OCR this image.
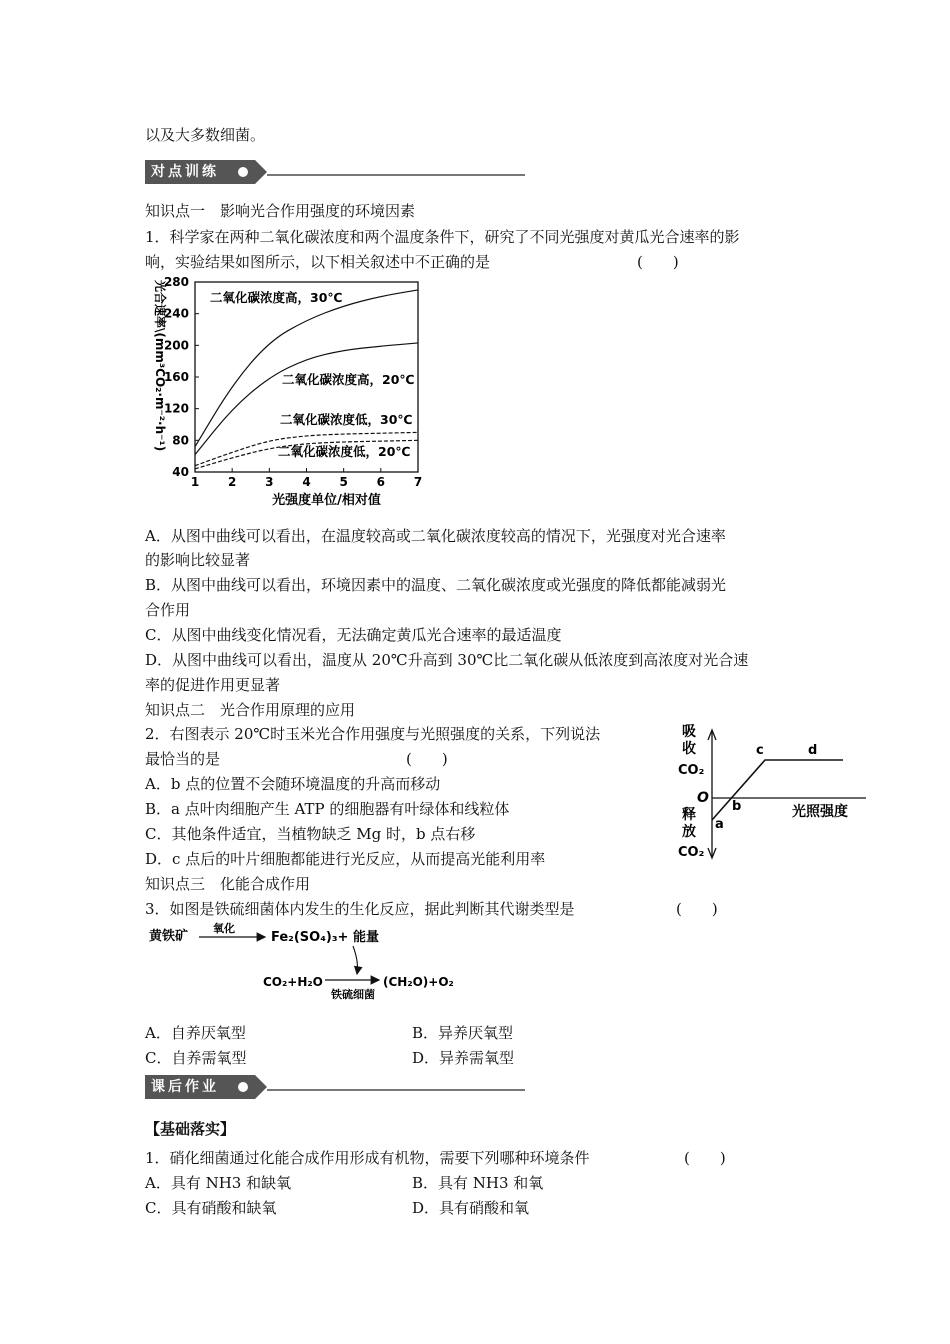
以及大多数细菌。
对点训练
知识点一　影响光合作用强度的环境因素
1．科学家在两种二氧化碳浓度和两个温度条件下，研究了不同光强度对黄瓜光合速率的影
响，实验结果如图所示，以下相关叙述中不正确的是	(　　)
40
80
120
160
200
240
280
1 2 3 4 5 6 7
光强度单位/相对值
光合速率\(mm³CO₂·m⁻²·h⁻¹)	二氧化碳浓度高，30℃
二氧化碳浓度高，20℃
二氧化碳浓度低，30℃
二氧化碳浓度低，20℃
A．从图中曲线可以看出，在温度较高或二氧化碳浓度较高的情况下，光强度对光合速率
的影响比较显著
B．从图中曲线可以看出，环境因素中的温度、二氧化碳浓度或光强度的降低都能减弱光
合作用
C．从图中曲线变化情况看，无法确定黄瓜光合速率的最适温度
D．从图中曲线可以看出，温度从 20℃升高到 30℃比二氧化碳从低浓度到高浓度对光合速
率的促进作用更显著
知识点二　光合作用原理的应用
2．右图表示 20℃时玉米光合作用强度与光照强度的关系，下列说法
最恰当的是	(　　)
A．b 点的位置不会随环境温度的升高而移动
B．a 点叶肉细胞产生 ATP 的细胞器有叶绿体和线粒体
C．其他条件适宜，当植物缺乏 Mg 时，b 点右移
D．c 点后的叶片细胞都能进行光反应，从而提高光能利用率
吸
收
CO₂
释
放
CO₂
O
a
b
c	d
光照强度
知识点三　化能合成作用
3．如图是铁硫细菌体内发生的生化反应，据此判断其代谢类型是	(　　)
黄铁矿
氧化
Fe₂(SO₄)₃+ 能量
CO₂+H₂O
铁硫细菌
(CH₂O)+O₂
A．自养厌氧型	B．异养厌氧型
C．自养需氧型	D．异养需氧型
课后作业
【基础落实】
1．硝化细菌通过化能合成作用形成有机物，需要下列哪种环境条件	(　　)
A．具有 NH3 和缺氧	B．具有 NH3 和氧
C．具有硝酸和缺氧	D．具有硝酸和氧
